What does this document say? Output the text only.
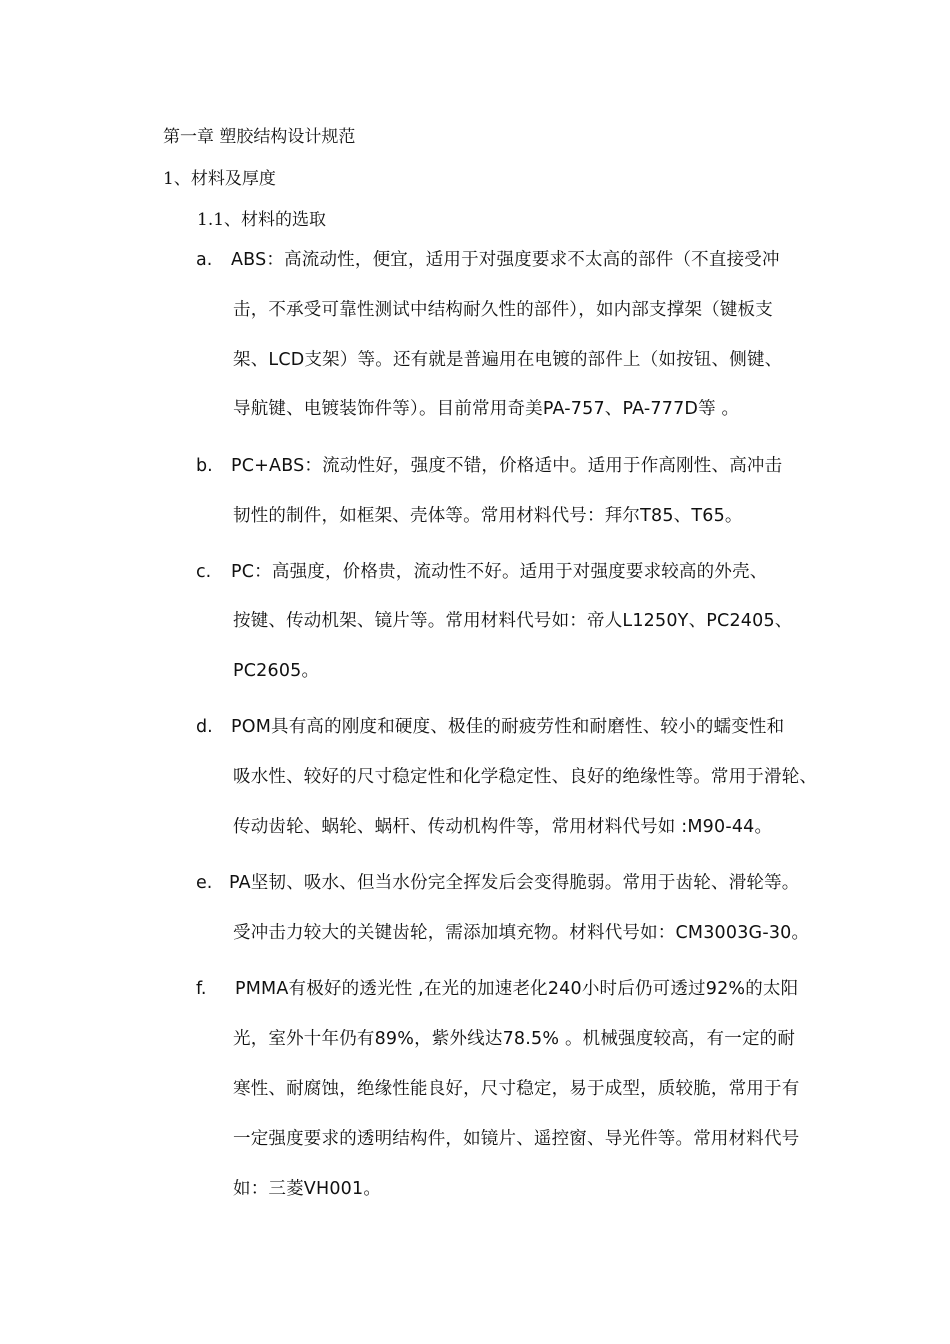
第一章 塑胶结构设计规范
1、材料及厚度
1.1、材料的选取
a. ABS：高流动性，便宜，适用于对强度要求不太高的部件（不直接受冲
击，不承受可靠性测试中结构耐久性的部件），如内部支撑架（键板支
架、LCD支架）等。还有就是普遍用在电镀的部件上（如按钮、侧键、
导航键、电镀装饰件等）。目前常用奇美PA-757、PA-777D等 。
b. PC+ABS：流动性好，强度不错，价格适中。适用于作高刚性、高冲击
韧性的制件，如框架、壳体等。常用材料代号：拜尔T85、T65。
c. PC：高强度，价格贵，流动性不好。适用于对强度要求较高的外壳、
按键、传动机架、镜片等。常用材料代号如：帝人L1250Y、PC2405、
PC2605。
d. POM具有高的刚度和硬度、极佳的耐疲劳性和耐磨性、较小的蠕变性和
吸水性、较好的尺寸稳定性和化学稳定性、良好的绝缘性等。常用于滑轮、
传动齿轮、蜗轮、蜗杆、传动机构件等，常用材料代号如 :M90-44。
e. PA坚韧、吸水、但当水份完全挥发后会变得脆弱。常用于齿轮、滑轮等。
受冲击力较大的关键齿轮，需添加填充物。材料代号如：CM3003G-30。
f. PMMA有极好的透光性 ,在光的加速老化240小时后仍可透过92%的太阳
光，室外十年仍有89%，紫外线达78.5% 。机械强度较高，有一定的耐
寒性、耐腐蚀，绝缘性能良好，尺寸稳定，易于成型，质较脆，常用于有
一定强度要求的透明结构件，如镜片、遥控窗、导光件等。常用材料代号
如：三菱VH001。
